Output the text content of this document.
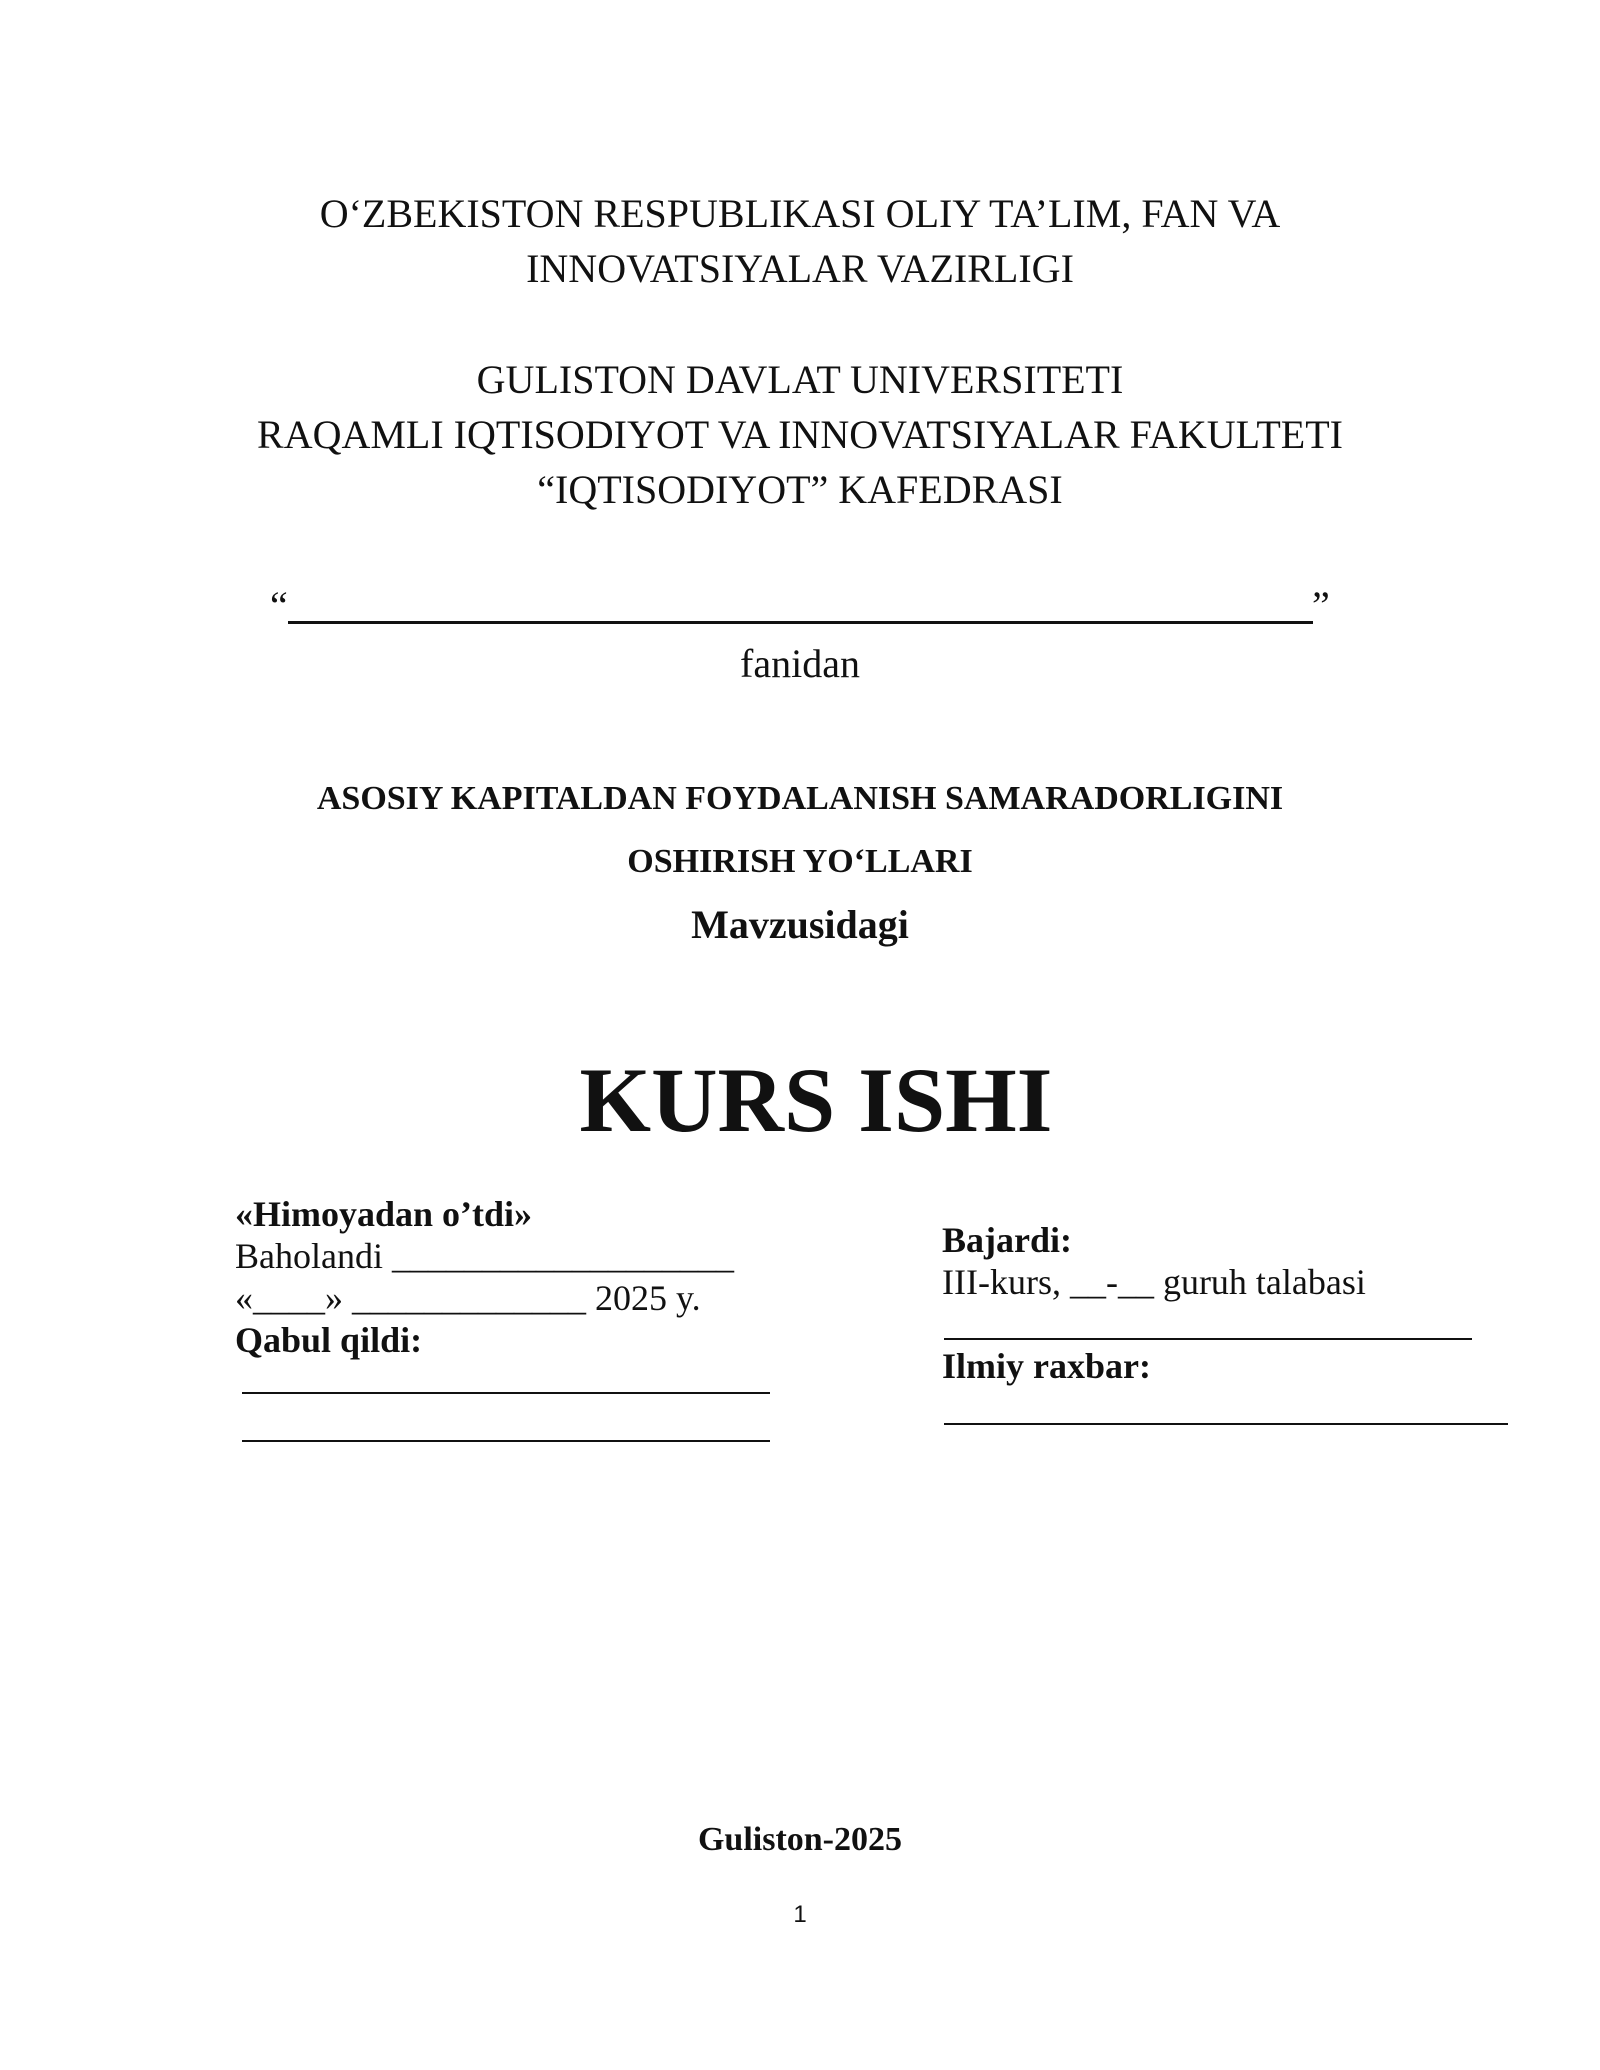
O‘ZBEKISTON RESPUBLIKASI OLIY TA’LIM, FAN VA
INNOVATSIYALAR VAZIRLIGI
GULISTON DAVLAT UNIVERSITETI
RAQAMLI IQTISODIYOT VA INNOVATSIYALAR FAKULTETI
“IQTISODIYOT” KAFEDRASI
“	”
fanidan
ASOSIY KAPITALDAN FOYDALANISH SAMARADORLIGINI
OSHIRISH YO‘LLARI
Mavzusidagi
KURS ISHI
«Himoyadan o’tdi»
Baholandi ___________________
«____» _____________ 2025 y.
Qabul qildi:
Bajardi:
III-kurs, __-__ guruh talabasi
Ilmiy raxbar:
Guliston-2025
1
